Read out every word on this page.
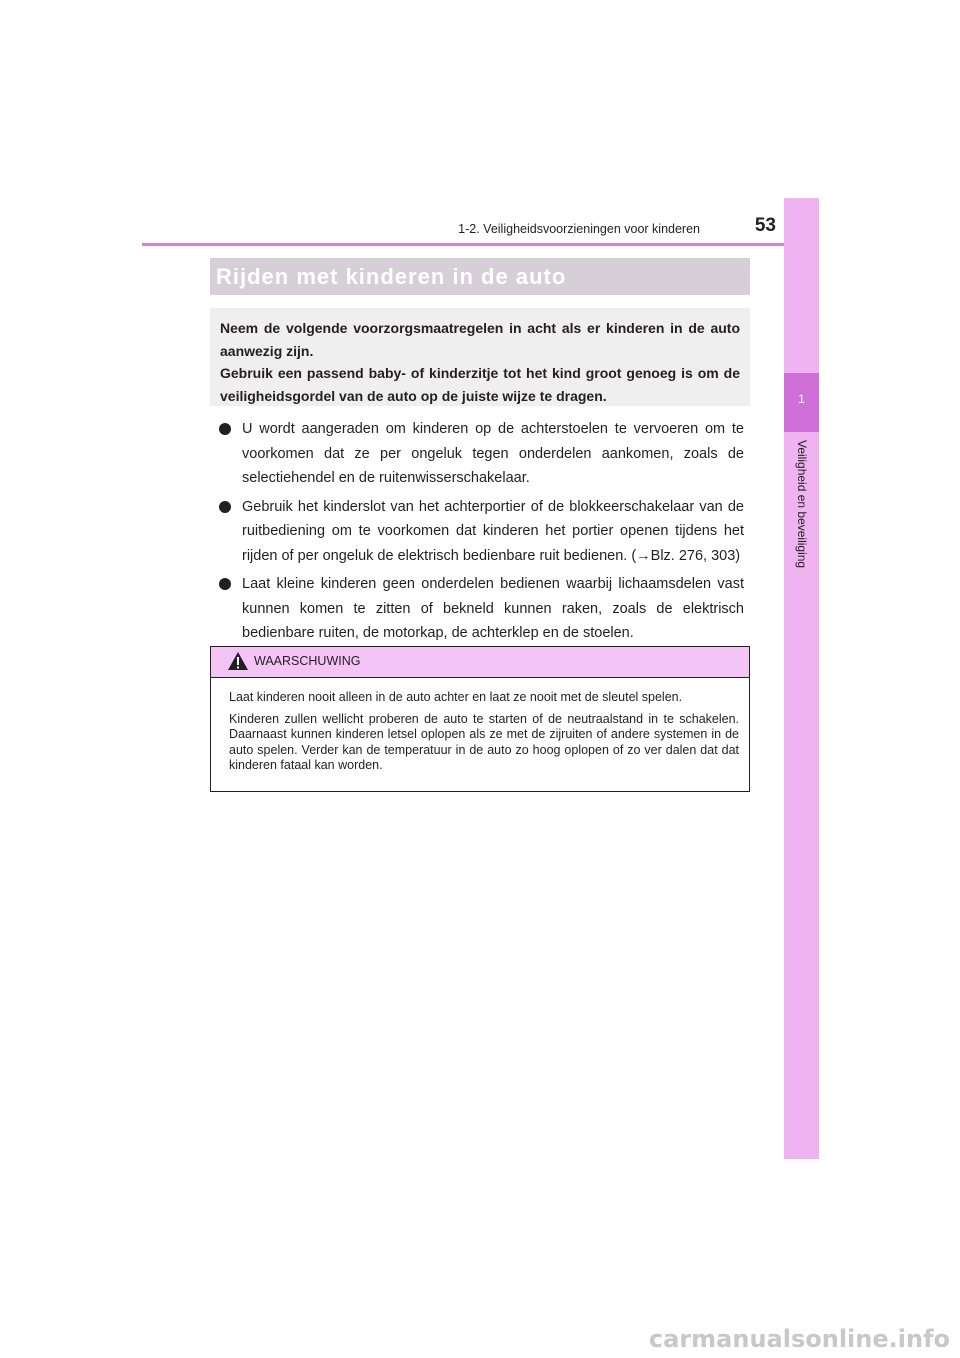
53
1-2. Veiligheidsvoorzieningen voor kinderen
1
Veiligheid en beveiliging
Rijden met kinderen in de auto

Neem de volgende voorzorgsmaatregelen in acht als er kinderen in de auto aanwezig zijn.

Gebruik een passend baby- of kinderzitje tot het kind groot genoeg is om de veiligheidsgordel van de auto op de juiste wijze te dragen.

U wordt aangeraden om kinderen op de achterstoelen te vervoeren om te voorkomen dat ze per ongeluk tegen onderdelen aankomen, zoals de selectiehendel en de ruitenwisserschakelaar.
Gebruik het kinderslot van het achterportier of de blokkeerschakelaar van de ruitbediening om te voorkomen dat kinderen het portier openen tijdens het rijden of per ongeluk de elektrisch bedienbare ruit bedienen. (→Blz. 276, 303)
Laat kleine kinderen geen onderdelen bedienen waarbij lichaamsdelen vast kunnen komen te zitten of bekneld kunnen raken, zoals de elektrisch bedienbare ruiten, de motorkap, de achterklep en de stoelen.
WAARSCHUWING

Laat kinderen nooit alleen in de auto achter en laat ze nooit met de sleutel spelen.

Kinderen zullen wellicht proberen de auto te starten of de neutraalstand in te schakelen. Daarnaast kunnen kinderen letsel oplopen als ze met de zijruiten of andere systemen in de auto spelen. Verder kan de temperatuur in de auto zo hoog oplopen of zo ver dalen dat dat kinderen fataal kan worden.

carmanualsonline.info
